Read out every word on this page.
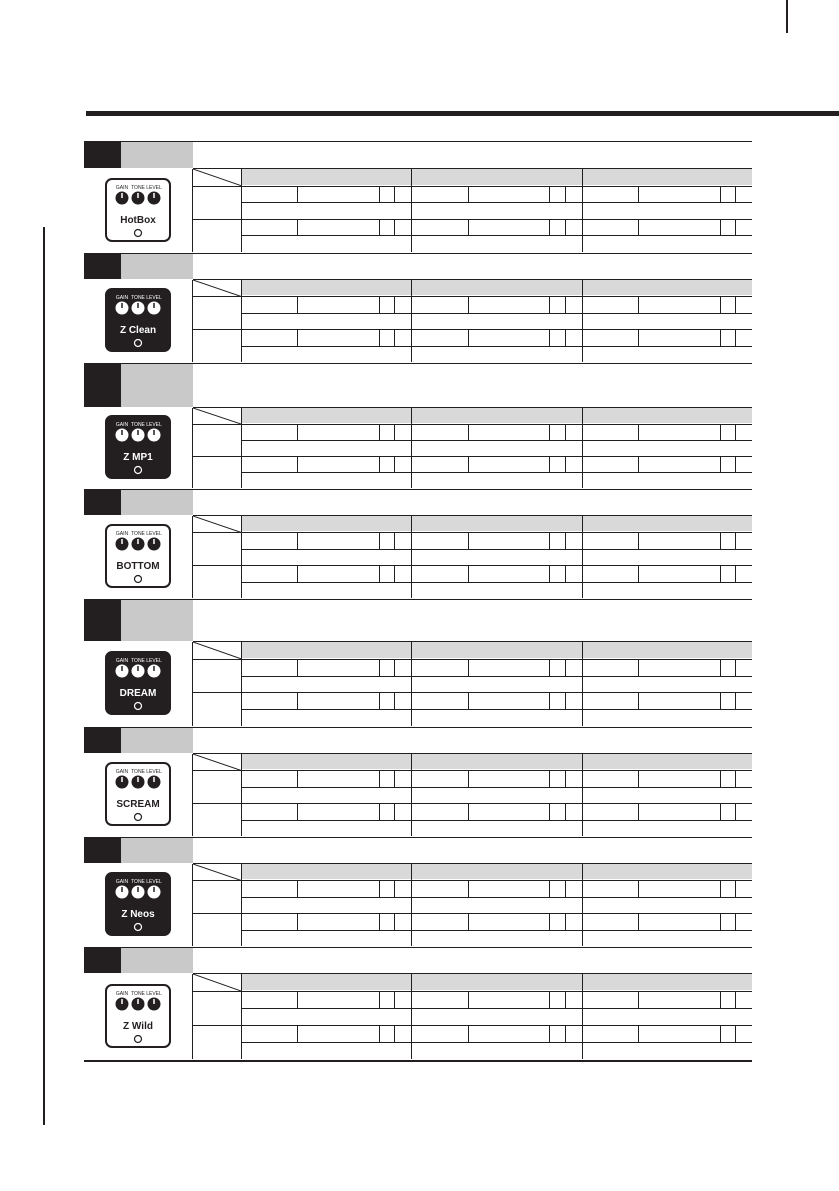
GAIN TONE LEVEL
HotBox
GAIN TONE LEVEL
Z Clean
GAIN TONE LEVEL
Z MP1
GAIN TONE LEVEL
BOTTOM
GAIN TONE LEVEL
DREAM
GAIN TONE LEVEL
SCREAM
GAIN TONE LEVEL
Z Neos
GAIN TONE LEVEL
Z Wild
